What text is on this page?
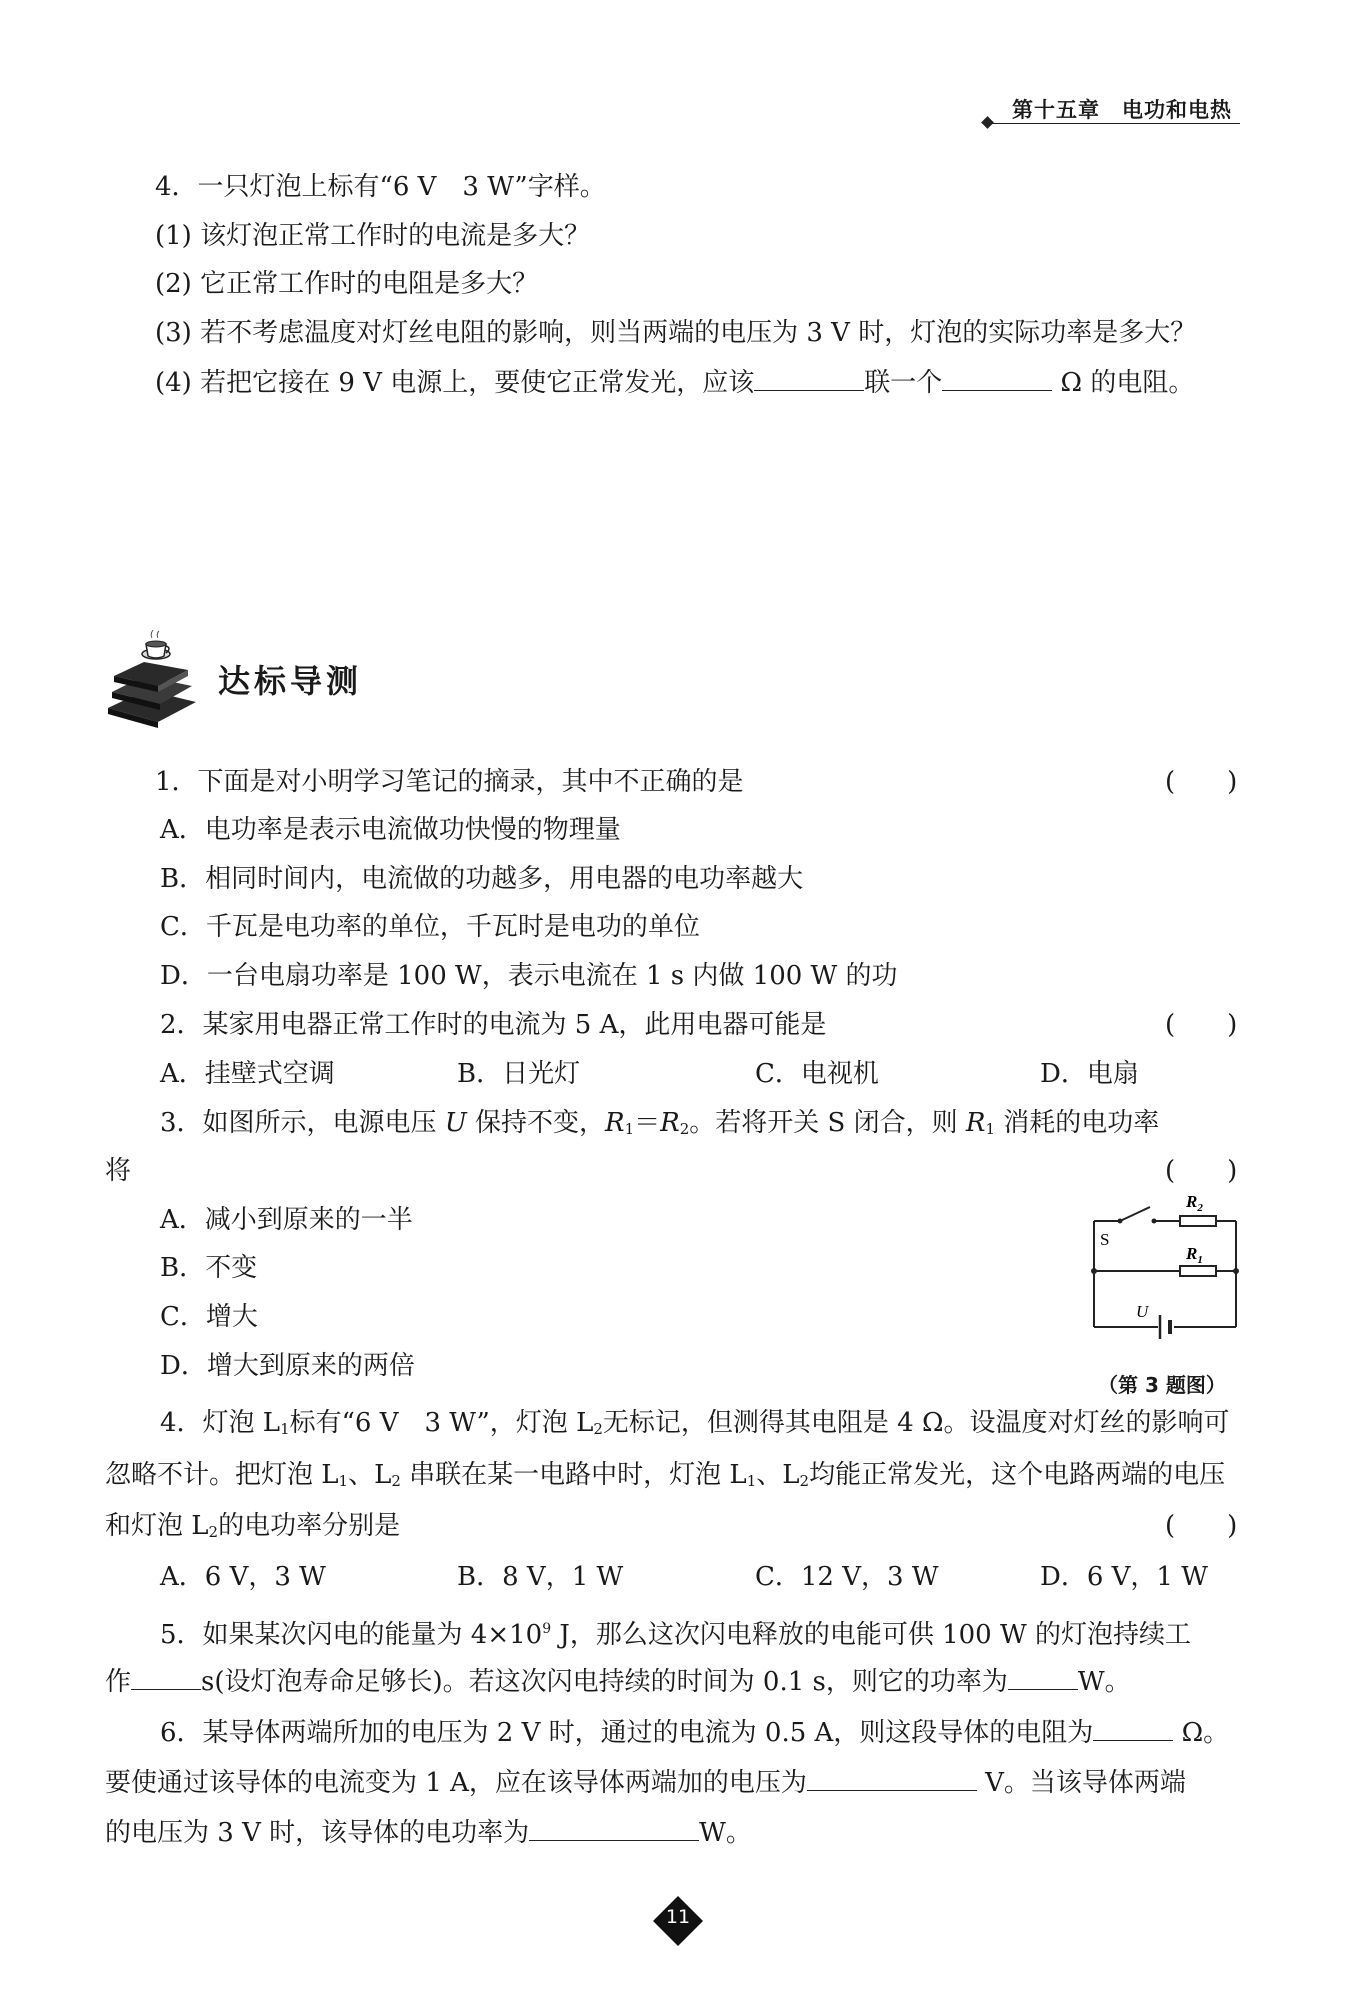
第十五章　电功和电热
4．一只灯泡上标有“6 V　3 W”字样。
(1) 该灯泡正常工作时的电流是多大？
(2) 它正常工作时的电阻是多大？
(3) 若不考虑温度对灯丝电阻的影响，则当两端的电压为 3 V 时，灯泡的实际功率是多大？
(4) 若把它接在 9 V 电源上，要使它正常发光，应该	联一个	Ω 的电阻。
达标导测
1．下面是对小明学习笔记的摘录，其中不正确的是	(　　)
A．电功率是表示电流做功快慢的物理量
B．相同时间内，电流做的功越多，用电器的电功率越大
C．千瓦是电功率的单位，千瓦时是电功的单位
D．一台电扇功率是 100 W，表示电流在 1 s 内做 100 W 的功
2．某家用电器正常工作时的电流为 5 A，此用电器可能是	(　　)
A．挂壁式空调	B．日光灯	C．电视机	D．电扇
3．如图所示，电源电压 U 保持不变，$R_1=R_2$。若将开关 S 闭合，则 $R_1$ 消耗的电功率
将	(　　)
A．减小到原来的一半
B．不变
C．增大
D．增大到原来的两倍
$R_2$
$R_1$
S
U
（第 3 题图）
4．灯泡 $L_1$标有“6 V　3 W”，灯泡 $L_2$无标记，但测得其电阻是 4 Ω。设温度对灯丝的影响可
忽略不计。把灯泡 $L_1$、$L_2$ 串联在某一电路中时，灯泡 $L_1$、$L_2$均能正常发光，这个电路两端的电压
和灯泡 $L_2$的电功率分别是	(　　)
A．6 V，3 W	B．8 V，1 W	C．12 V，3 W	D．6 V，1 W
5．如果某次闪电的能量为 $4\times 10^9$ J，那么这次闪电释放的电能可供 100 W 的灯泡持续工
作	s(设灯泡寿命足够长)。若这次闪电持续的时间为 0.1 s，则它的功率为	W。
6．某导体两端所加的电压为 2 V 时，通过的电流为 0.5 A，则这段导体的电阻为	Ω。
要使通过该导体的电流变为 1 A，应在该导体两端加的电压为	V。当该导体两端
的电压为 3 V 时，该导体的电功率为	W。
11
